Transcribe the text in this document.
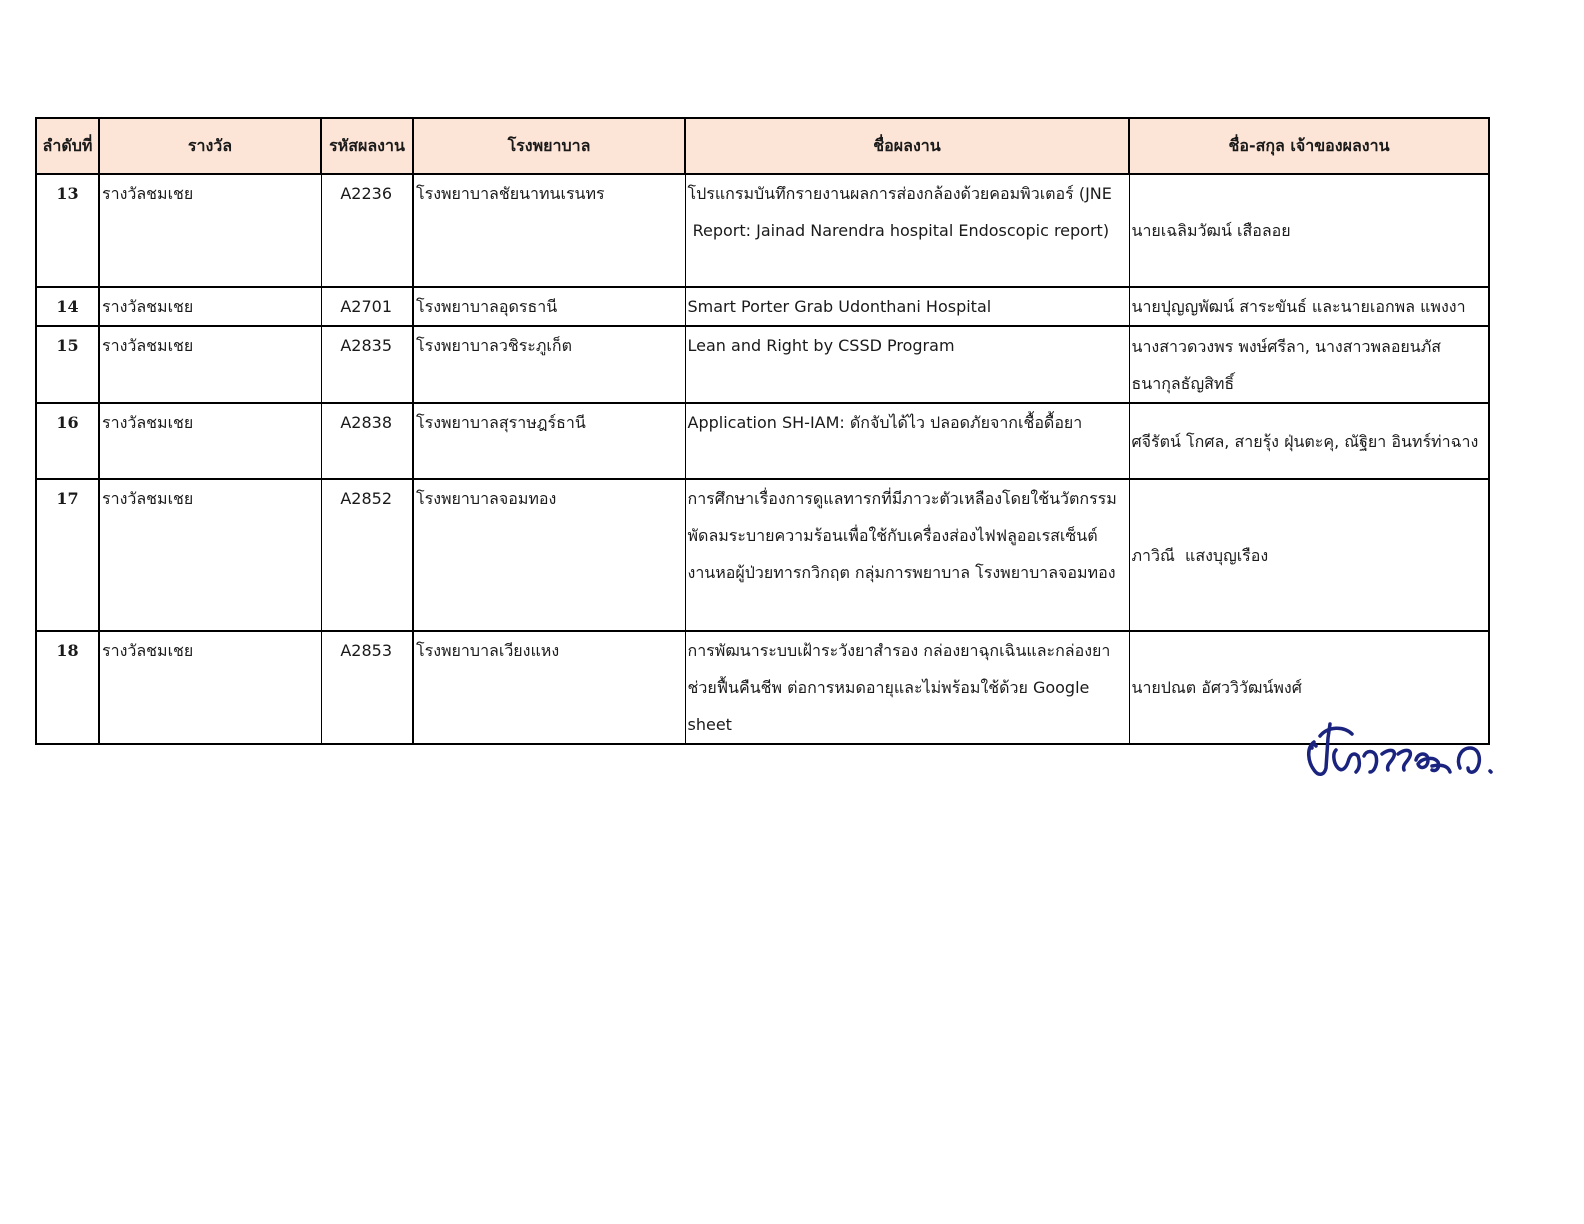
ลำดับที่	รางวัล	รหัสผลงาน	โรงพยาบาล	ชื่อผลงาน	ชื่อ-สกุล เจ้าของผลงาน
13	รางวัลชมเชย	A2236	โรงพยาบาลชัยนาทนเรนทร	โปรแกรมบันทึกรายงานผลการส่องกล้องด้วยคอมพิวเตอร์ (JNE
Report: Jainad Narendra hospital Endoscopic report)	นายเฉลิมวัฒน์ เสือลอย

14	รางวัลชมเชย	A2701	โรงพยาบาลอุดรธานี	Smart Porter Grab Udonthani Hospital	นายปุญญพัฒน์ สาระขันธ์ และนายเอกพล แพงงา

15	รางวัลชมเชย	A2835	โรงพยาบาลวชิระภูเก็ต	Lean and Right by CSSD Program	นางสาวดวงพร พงษ์ศรีลา, นางสาวพลอยนภัส
ธนากุลธัญสิทธิ์

16	รางวัลชมเชย	A2838	โรงพยาบาลสุราษฎร์ธานี	Application SH-IAM: ดักจับได้ไว ปลอดภัยจากเชื้อดื้อยา	ศจีรัตน์ โกศล, สายรุ้ง ฝุ่นตะคุ, ณัฐิยา อินทร์ท่าฉาง

17	รางวัลชมเชย	A2852	โรงพยาบาลจอมทอง	การศึกษาเรื่องการดูแลทารกที่มีภาวะตัวเหลืองโดยใช้นวัตกรรม
พัดลมระบายความร้อนเพื่อใช้กับเครื่องส่องไฟฟลูออเรสเซ็นต์
งานหอผู้ป่วยทารกวิกฤต กลุ่มการพยาบาล โรงพยาบาลจอมทอง	ภาวิณี  แสงบุญเรือง

18	รางวัลชมเชย	A2853	โรงพยาบาลเวียงแหง	การพัฒนาระบบเฝ้าระวังยาสำรอง กล่องยาฉุกเฉินและกล่องยา
ช่วยฟื้นคืนชีพ ต่อการหมดอายุและไม่พร้อมใช้ด้วย Google
sheet	นายปณต อัศววิวัฒน์พงศ์
ปิยวรรณ ล.
